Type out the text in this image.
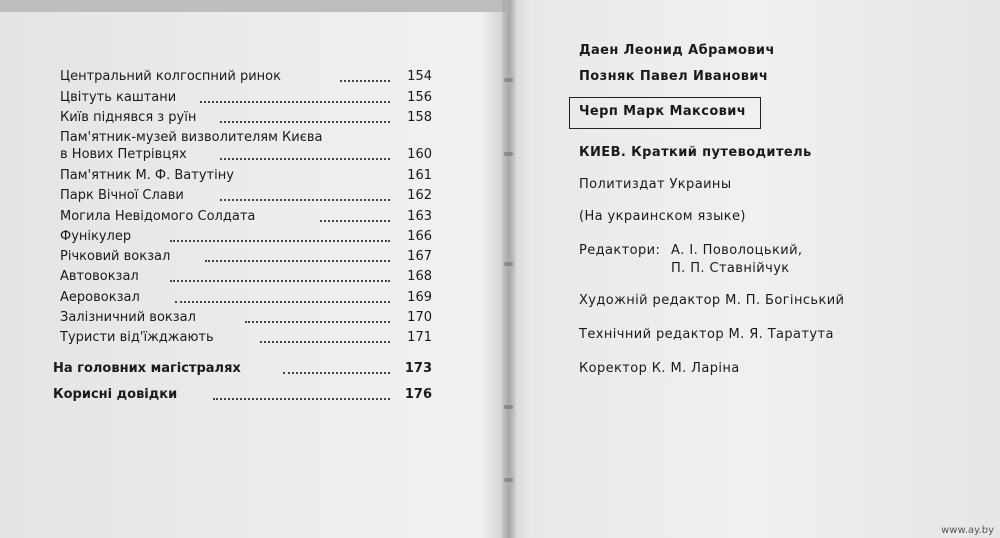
Центральний колгоспний ринок	154
Цвітуть каштани	156
Київ піднявся з руїн	158
Пам'ятник-музей визволителям Києва
в Нових Петрівцях	160
Пам'ятник М. Ф. Ватутіну	161
Парк Вічної Слави	162
Могила Невідомого Солдата	163
Фунікулер	166
Річковий вокзал	167
Автовокзал	168
Аеровокзал	169
Залізничний вокзал	170
Туристи від'їжджають	171
На головних магістралях	173
Корисні довідки	176
Даен Леонид Абрамович
Позняк Павел Иванович
Черп Марк Максович
КИЕВ. Краткий путеводитель
Политиздат Украины
(На украинском языке)
Редактори: А. І. Поволоцький,
П. П. Ставнійчук
Художній редактор М. П. Богінський
Технічний редактор М. Я. Таратута
Коректор К. М. Ларіна
www.ay.by
